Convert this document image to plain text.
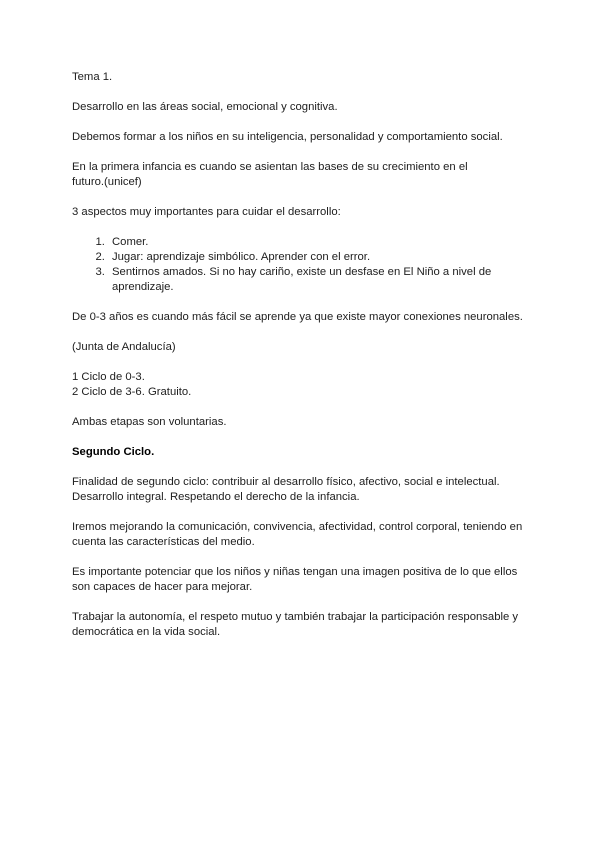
Tema 1.

Desarrollo en las áreas social, emocional y cognitiva.

Debemos formar a los niños en su inteligencia, personalidad y comportamiento social.

En la primera infancia es cuando se asientan las bases de su crecimiento en el
futuro.(unicef)

3 aspectos muy importantes para cuidar el desarrollo:

1. Comer.
2. Jugar: aprendizaje simbólico. Aprender con el error.
3. Sentirnos amados. Si no hay cariño, existe un desfase en El Niño a nivel de aprendizaje.

De 0-3 años es cuando más fácil se aprende ya que existe mayor conexiones neuronales.

(Junta de Andalucía)

1 Ciclo de 0-3.
2 Ciclo de 3-6. Gratuito.

Ambas etapas son voluntarias.

Segundo Ciclo.

Finalidad de segundo ciclo: contribuir al desarrollo físico, afectivo, social e intelectual.
Desarrollo integral. Respetando el derecho de la infancia.

Iremos mejorando la comunicación, convivencia, afectividad, control corporal, teniendo en
cuenta las características del medio.

Es importante potenciar que los niños y niñas tengan una imagen positiva de lo que ellos
son capaces de hacer para mejorar.

Trabajar la autonomía, el respeto mutuo y también trabajar la participación responsable y
democrática en la vida social.
